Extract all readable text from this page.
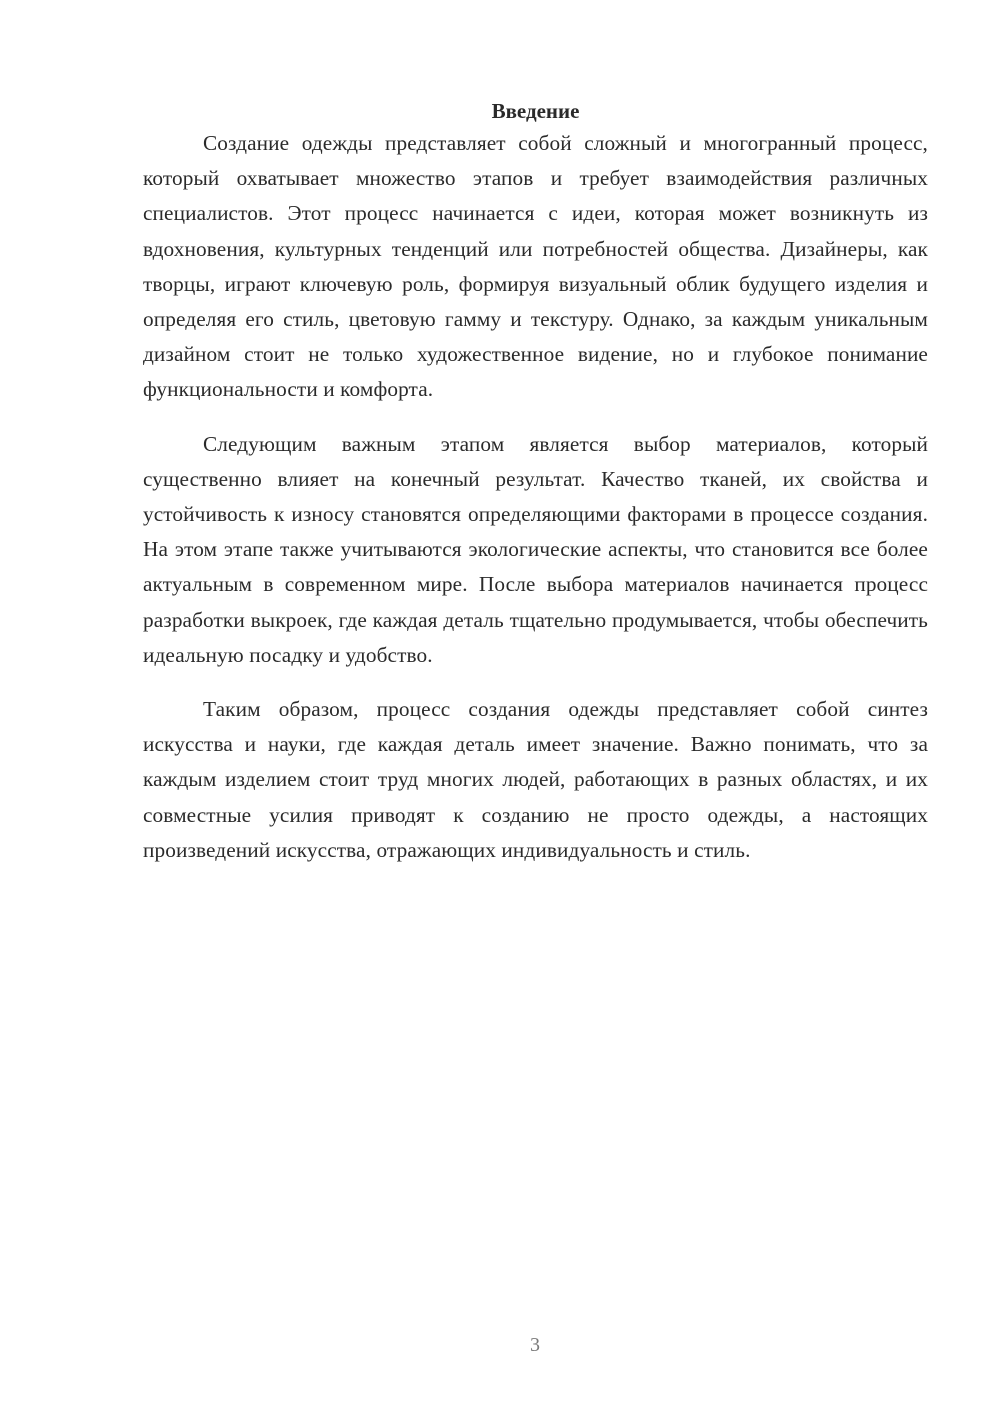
Введение

Создание одежды представляет собой сложный и многогранный процесс, который охватывает множество этапов и требует взаимодействия различных специалистов. Этот процесс начинается с идеи, которая может возникнуть из вдохновения, культурных тенденций или потребностей общества. Дизайнеры, как творцы, играют ключевую роль, формируя визуальный облик будущего изделия и определяя его стиль, цветовую гамму и текстуру. Однако, за каждым уникальным дизайном стоит не только художественное видение, но и глубокое понимание функциональности и комфорта.

Следующим важным этапом является выбор материалов, который существенно влияет на конечный результат. Качество тканей, их свойства и устойчивость к износу становятся определяющими факторами в процессе создания. На этом этапе также учитываются экологические аспекты, что становится все более актуальным в современном мире. После выбора материалов начинается процесс разработки выкроек, где каждая деталь тщательно продумывается, чтобы обеспечить идеальную посадку и удобство.

Таким образом, процесс создания одежды представляет собой синтез искусства и науки, где каждая деталь имеет значение. Важно понимать, что за каждым изделием стоит труд многих людей, работающих в разных областях, и их совместные усилия приводят к созданию не просто одежды, а настоящих произведений искусства, отражающих индивидуальность и стиль.

3
